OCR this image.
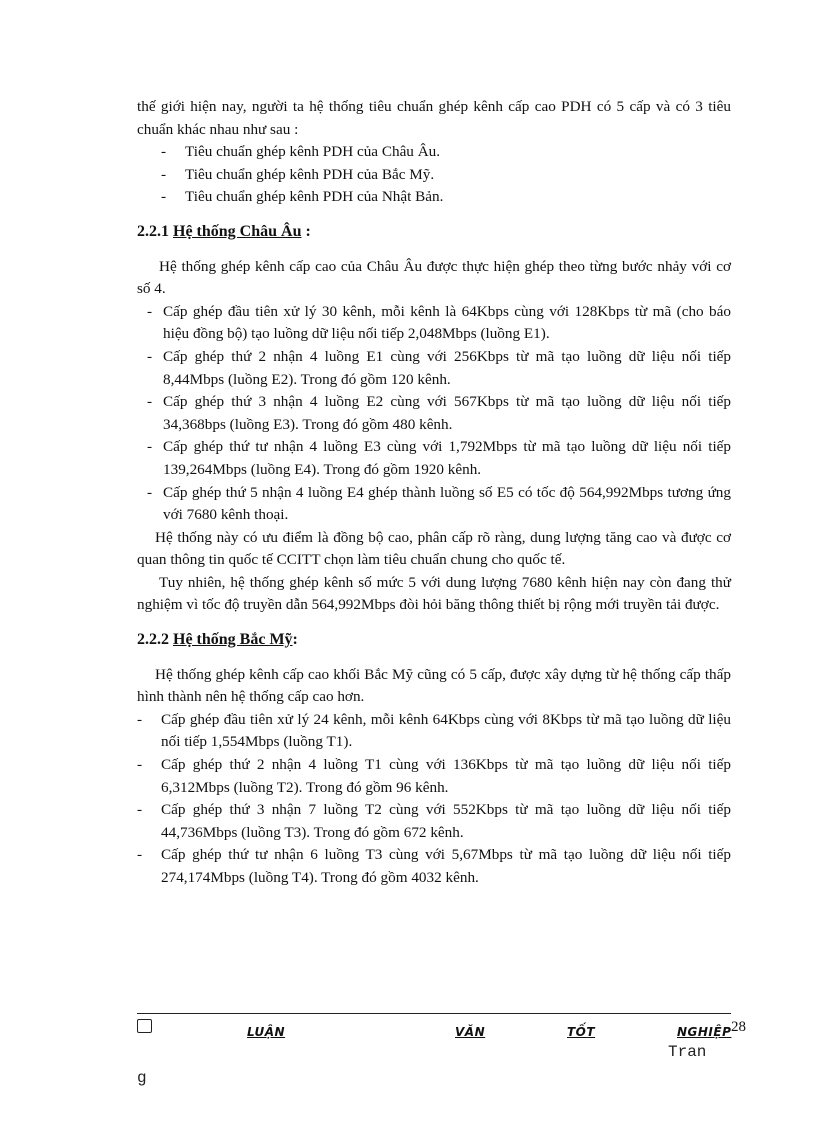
thế giới hiện nay, người ta hệ thống tiêu chuẩn ghép kênh cấp cao PDH có 5 cấp và có 3 tiêu chuẩn khác nhau như sau :

- Tiêu chuẩn ghép kênh PDH của Châu Âu.
- Tiêu chuẩn ghép kênh PDH của Bắc Mỹ.
- Tiêu chuẩn ghép kênh PDH của Nhật Bản.
2.2.1 Hệ thống Châu Âu :

Hệ thống ghép kênh cấp cao của Châu Âu được thực hiện ghép theo từng bước nhảy với cơ số 4.

- Cấp ghép đầu tiên xử lý 30 kênh, mỗi kênh là 64Kbps cùng với 128Kbps từ mã (cho báo hiệu đồng bộ) tạo luồng dữ liệu nối tiếp 2,048Mbps (luồng E1).
- Cấp ghép thứ 2 nhận 4 luồng E1 cùng với 256Kbps từ mã tạo luồng dữ liệu nối tiếp 8,44Mbps (luồng E2). Trong đó gồm 120 kênh.
- Cấp ghép thứ 3 nhận 4 luồng E2 cùng với 567Kbps từ mã tạo luồng dữ liệu nối tiếp 34,368bps (luồng E3). Trong đó gồm 480 kênh.
- Cấp ghép thứ tư nhận 4 luồng E3 cùng với 1,792Mbps từ mã tạo luồng dữ liệu nối tiếp 139,264Mbps (luồng E4). Trong đó gồm 1920 kênh.
- Cấp ghép thứ 5 nhận 4 luồng E4 ghép thành luồng số E5 có tốc độ 564,992Mbps tương ứng với 7680 kênh thoại.

Hệ thống này có ưu điểm là đồng bộ cao, phân cấp rõ ràng, dung lượng tăng cao và được cơ quan thông tin quốc tế CCITT chọn làm tiêu chuẩn chung cho quốc tế.

Tuy nhiên, hệ thống ghép kênh số mức 5 với dung lượng 7680 kênh hiện nay còn đang thử nghiệm vì tốc độ truyền dẫn 564,992Mbps đòi hỏi băng thông thiết bị rộng mới truyền tải được.

2.2.2 Hệ thống Bắc Mỹ:

Hệ thống ghép kênh cấp cao khối Bắc Mỹ cũng có 5 cấp, được xây dựng từ hệ thống cấp thấp hình thành nên hệ thống cấp cao hơn.

- Cấp ghép đầu tiên xử lý 24 kênh, mỗi kênh 64Kbps cùng với 8Kbps từ mã tạo luồng dữ liệu nối tiếp 1,554Mbps (luồng T1).
- Cấp ghép thứ 2 nhận 4 luồng T1 cùng với 136Kbps từ mã tạo luồng dữ liệu nối tiếp 6,312Mbps (luồng T2). Trong đó gồm 96 kênh.
- Cấp ghép thứ 3 nhận 7 luồng T2 cùng với 552Kbps từ mã tạo luồng dữ liệu nối tiếp 44,736Mbps (luồng T3). Trong đó gồm 672 kênh.
- Cấp ghép thứ tư nhận 6 luồng T3 cùng với 5,67Mbps từ mã tạo luồng dữ liệu nối tiếp 274,174Mbps (luồng T4). Trong đó gồm 4032 kênh.
LUẬN	VĂN	TỐT	NGHIỆP 28
Tran
g
